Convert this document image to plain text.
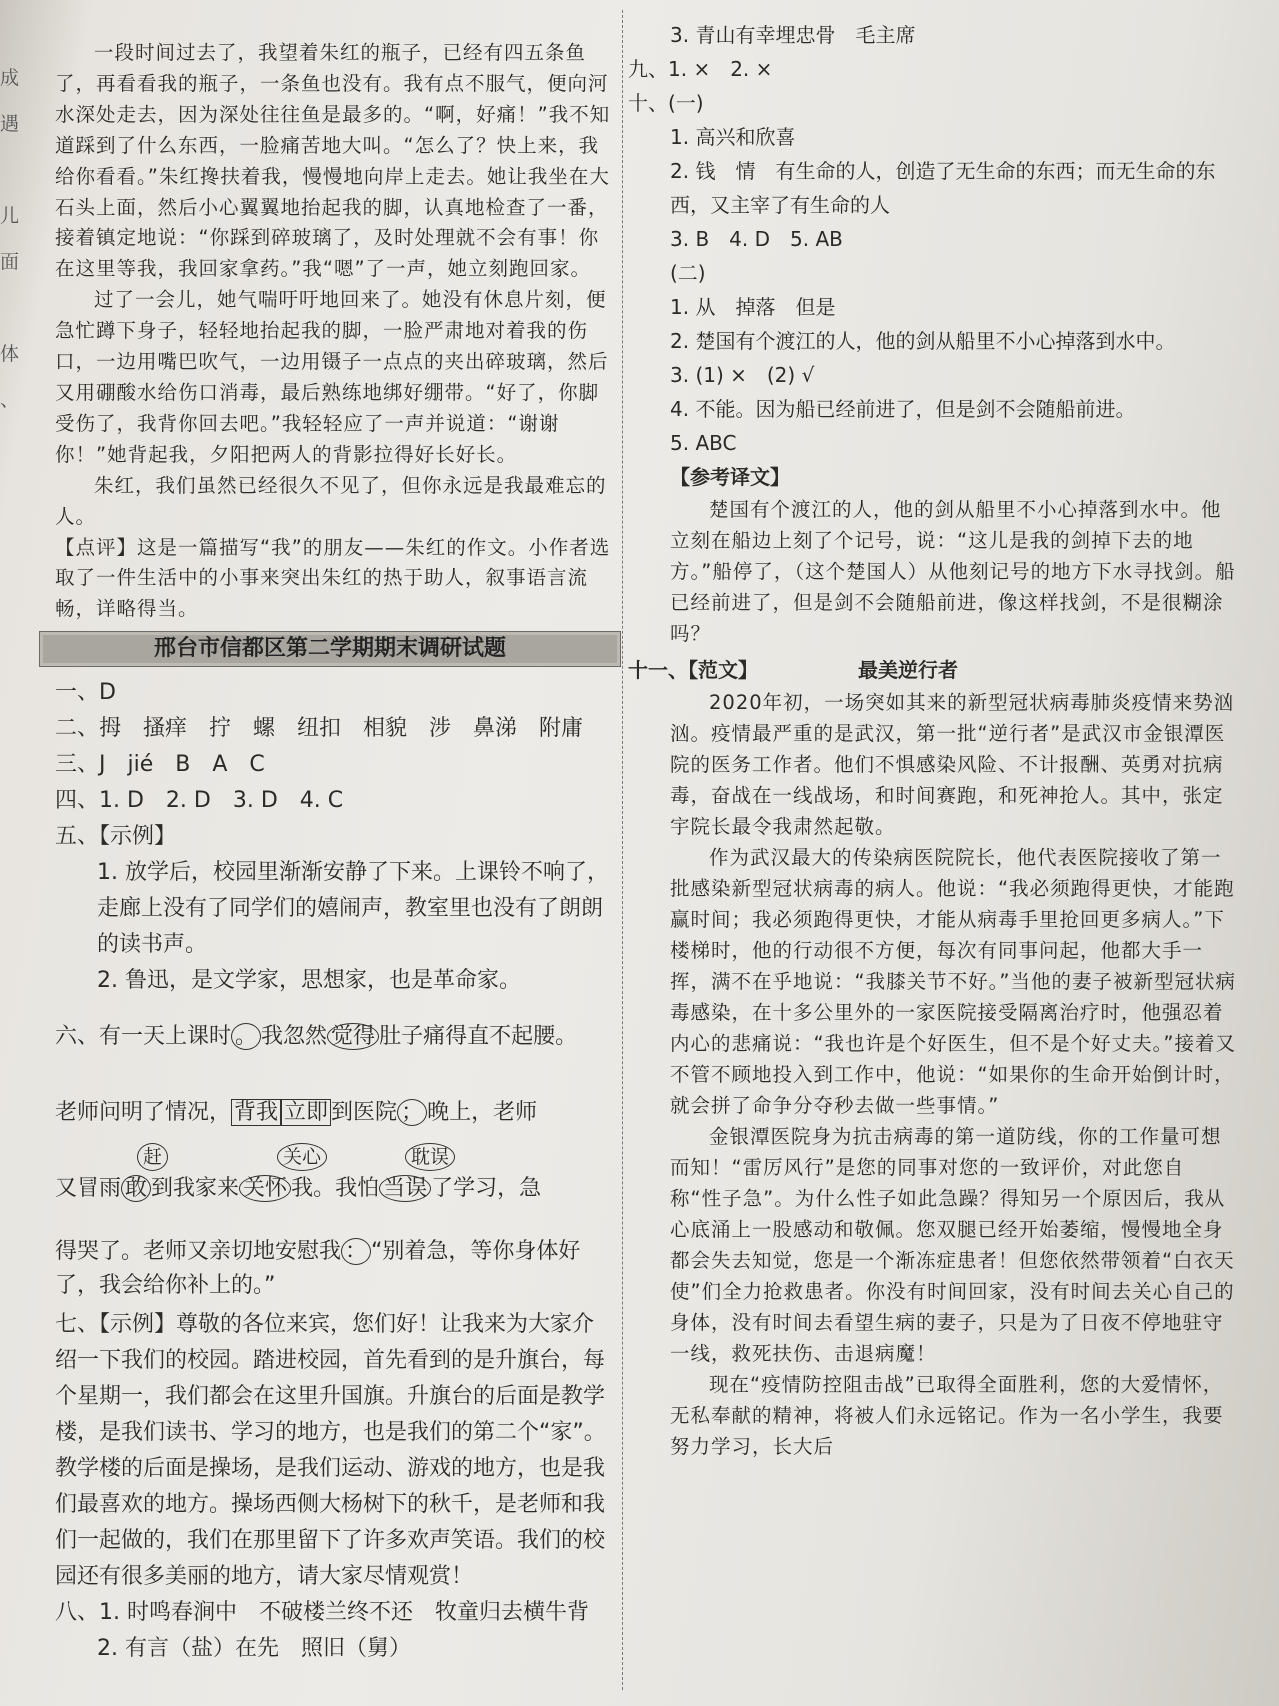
成
遇
儿
面
体
、

一段时间过去了，我望着朱红的瓶子，已经有四五条鱼了，再看看我的瓶子，一条鱼也没有。我有点不服气，便向河水深处走去，因为深处往往鱼是最多的。“啊，好痛！”我不知道踩到了什么东西，一脸痛苦地大叫。“怎么了？快上来，我给你看看。”朱红搀扶着我，慢慢地向岸上走去。她让我坐在大石头上面，然后小心翼翼地抬起我的脚，认真地检查了一番，接着镇定地说：“你踩到碎玻璃了，及时处理就不会有事！你在这里等我，我回家拿药。”我“嗯”了一声，她立刻跑回家。

过了一会儿，她气喘吁吁地回来了。她没有休息片刻，便急忙蹲下身子，轻轻地抬起我的脚，一脸严肃地对着我的伤口，一边用嘴巴吹气，一边用镊子一点点的夹出碎玻璃，然后又用硼酸水给伤口消毒，最后熟练地绑好绷带。“好了，你脚受伤了，我背你回去吧。”我轻轻应了一声并说道：“谢谢你！”她背起我，夕阳把两人的背影拉得好长好长。

朱红，我们虽然已经很久不见了，但你永远是我最难忘的人。

【点评】这是一篇描写“我”的朋友——朱红的作文。小作者选取了一件生活中的小事来突出朱红的热于助人，叙事语言流畅，详略得当。

邢台市信都区第二学期期末调研试题
一、D
二、拇　搔痒　拧　螺　纽扣　相貌　涉　鼻涕　附庸
三、J　jié　B　A　C
四、1. D　2. D　3. D　4. C
五、【示例】
1. 放学后，校园里渐渐安静了下来。上课铃不响了，走廊上没有了同学们的嬉闹声，教室里也没有了朗朗的读书声。
2. 鲁迅，是文学家，思想家，也是革命家。
六、有一天上课时 。 我忽然 觉得 肚子痛得直不起腰。
老师问明了情况， 背我 立即 到医院 ； 晚上，老师
赶	关心	耽误
又冒雨 敢 到我家来 关怀 我。我怕 当误 了学习，急
得哭了。老师又亲切地安慰我 ： “别着急，等你身体好了，我会给你补上的。”
七、【示例】尊敬的各位来宾，您们好！让我来为大家介绍一下我们的校园。踏进校园，首先看到的是升旗台，每个星期一，我们都会在这里升国旗。升旗台的后面是教学楼，是我们读书、学习的地方，也是我们的第二个“家”。教学楼的后面是操场，是我们运动、游戏的地方，也是我们最喜欢的地方。操场西侧大杨树下的秋千，是老师和我们一起做的，我们在那里留下了许多欢声笑语。我们的校园还有很多美丽的地方，请大家尽情观赏！
八、1. 时鸣春涧中　不破楼兰终不还　牧童归去横牛背
2. 有言（盐）在先　照旧（舅）
3. 青山有幸埋忠骨　毛主席
九、1. ×　2. ×
十、(一)
1. 高兴和欣喜
2. 钱　情　有生命的人，创造了无生命的东西；而无生命的东西，又主宰了有生命的人
3. B　4. D　5. AB
(二)
1. 从　掉落　但是
2. 楚国有个渡江的人，他的剑从船里不小心掉落到水中。
3. (1) ×　(2) √
4. 不能。因为船已经前进了，但是剑不会随船前进。
5. ABC
【参考译文】

楚国有个渡江的人，他的剑从船里不小心掉落到水中。他立刻在船边上刻了个记号，说：“这儿是我的剑掉下去的地方。”船停了，（这个楚国人）从他刻记号的地方下水寻找剑。船已经前进了，但是剑不会随船前进，像这样找剑，不是很糊涂吗？

十一、【范文】	最美逆行者

2020年初，一场突如其来的新型冠状病毒肺炎疫情来势汹汹。疫情最严重的是武汉，第一批“逆行者”是武汉市金银潭医院的医务工作者。他们不惧感染风险、不计报酬、英勇对抗病毒，奋战在一线战场，和时间赛跑，和死神抢人。其中，张定宇院长最令我肃然起敬。

作为武汉最大的传染病医院院长，他代表医院接收了第一批感染新型冠状病毒的病人。他说：“我必须跑得更快，才能跑赢时间；我必须跑得更快，才能从病毒手里抢回更多病人。”下楼梯时，他的行动很不方便，每次有同事问起，他都大手一挥，满不在乎地说：“我膝关节不好。”当他的妻子被新型冠状病毒感染，在十多公里外的一家医院接受隔离治疗时，他强忍着内心的悲痛说：“我也许是个好医生，但不是个好丈夫。”接着又不管不顾地投入到工作中，他说：“如果你的生命开始倒计时，就会拼了命争分夺秒去做一些事情。”

金银潭医院身为抗击病毒的第一道防线，你的工作量可想而知！“雷厉风行”是您的同事对您的一致评价，对此您自称“性子急”。为什么性子如此急躁？得知另一个原因后，我从心底涌上一股感动和敬佩。您双腿已经开始萎缩，慢慢地全身都会失去知觉，您是一个渐冻症患者！但您依然带领着“白衣天使”们全力抢救患者。你没有时间回家，没有时间去关心自己的身体，没有时间去看望生病的妻子，只是为了日夜不停地驻守一线，救死扶伤、击退病魔！

现在“疫情防控阻击战”已取得全面胜利，您的大爱情怀，无私奉献的精神，将被人们永远铭记。作为一名小学生，我要努力学习，长大后
